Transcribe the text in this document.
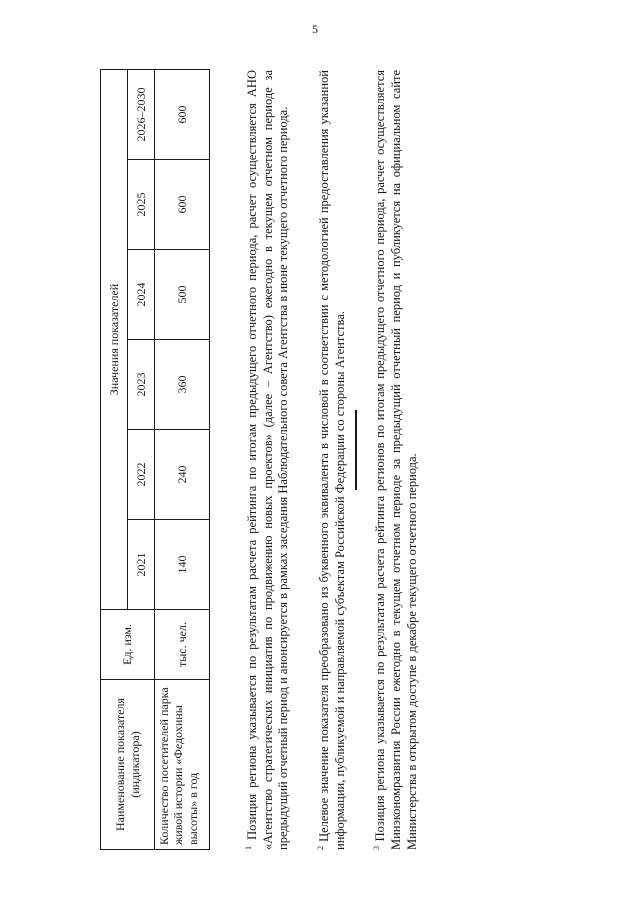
5
Наименование показателя (индикатора)	Ед. изм.	Значения показателей					
		2021	2022	2023	2024	2025	2026–2030
Количество посетителей парка живой истории «Федохины высоты» в год	тыс. чел.	140	240	360	500	600	600

$^1$ Позиция региона указывается по результатам расчета рейтинга по итогам предыдущего отчетного периода, расчет осуществляется АНО «Агентство стратегических инициатив по продвижению новых проектов» (далее – Агентство) ежегодно в текущем отчетном периоде за предыдущий отчетный период и анонсируется в рамках заседания Наблюдательного совета Агентства в июне текущего отчетного периода.	$^2$ Целевое значение показателя преобразовано из буквенного эквивалента в числовой в соответствии с методологией предоставления указанной информации, публикуемой и направляемой субъектам Российской Федерации со стороны Агентства.	$^3$ Позиция региона указывается по результатам расчета рейтинга регионов по итогам предыдущего отчетного периода, расчет осуществляется Минэкономразвития России ежегодно в текущем отчетном периоде за предыдущий отчетный период и публикуется на официальном сайте Министерства в открытом доступе в декабре текущего отчетного периода.
